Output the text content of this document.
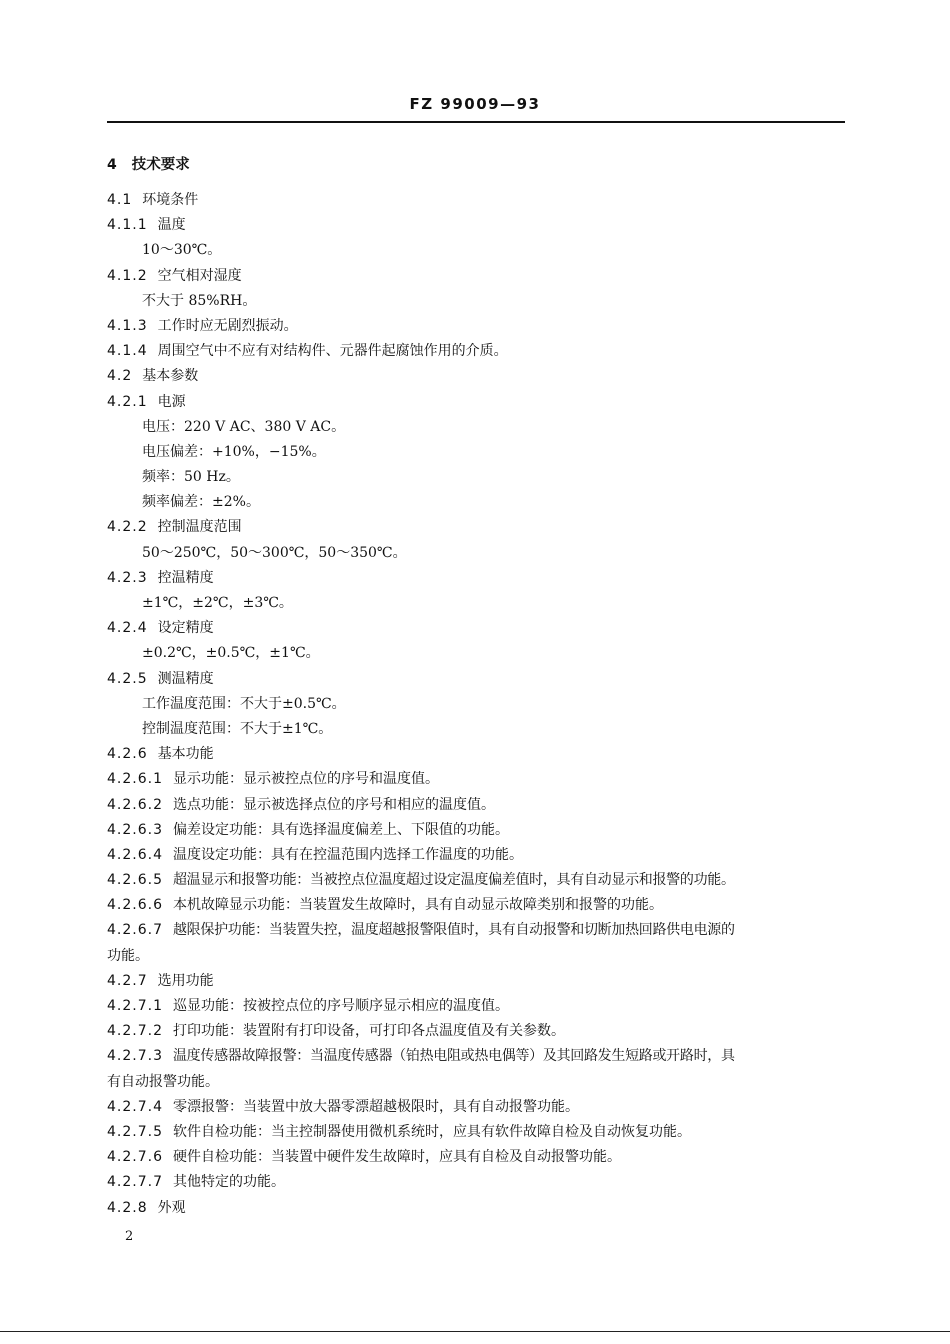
FZ 99009—93
4 技术要求
4.1 环境条件
4.1.1 温度
10～30℃。
4.1.2 空气相对湿度
不大于 85%RH。
4.1.3 工作时应无剧烈振动。
4.1.4 周围空气中不应有对结构件、元器件起腐蚀作用的介质。
4.2 基本参数
4.2.1 电源
电压：220 V AC、380 V AC。
电压偏差：+10%，−15%。
频率：50 Hz。
频率偏差：±2%。
4.2.2 控制温度范围
50～250℃，50～300℃，50～350℃。
4.2.3 控温精度
±1℃，±2℃，±3℃。
4.2.4 设定精度
±0.2℃，±0.5℃，±1℃。
4.2.5 测温精度
工作温度范围：不大于±0.5℃。
控制温度范围：不大于±1℃。
4.2.6 基本功能
4.2.6.1 显示功能：显示被控点位的序号和温度值。
4.2.6.2 选点功能：显示被选择点位的序号和相应的温度值。
4.2.6.3 偏差设定功能：具有选择温度偏差上、下限值的功能。
4.2.6.4 温度设定功能：具有在控温范围内选择工作温度的功能。
4.2.6.5 超温显示和报警功能：当被控点位温度超过设定温度偏差值时，具有自动显示和报警的功能。
4.2.6.6 本机故障显示功能：当装置发生故障时，具有自动显示故障类别和报警的功能。
4.2.6.7 越限保护功能：当装置失控，温度超越报警限值时，具有自动报警和切断加热回路供电电源的
功能。
4.2.7 选用功能
4.2.7.1 巡显功能：按被控点位的序号顺序显示相应的温度值。
4.2.7.2 打印功能：装置附有打印设备，可打印各点温度值及有关参数。
4.2.7.3 温度传感器故障报警：当温度传感器（铂热电阻或热电偶等）及其回路发生短路或开路时，具
有自动报警功能。
4.2.7.4 零漂报警：当装置中放大器零漂超越极限时，具有自动报警功能。
4.2.7.5 软件自检功能：当主控制器使用微机系统时，应具有软件故障自检及自动恢复功能。
4.2.7.6 硬件自检功能：当装置中硬件发生故障时，应具有自检及自动报警功能。
4.2.7.7 其他特定的功能。
4.2.8 外观
2
